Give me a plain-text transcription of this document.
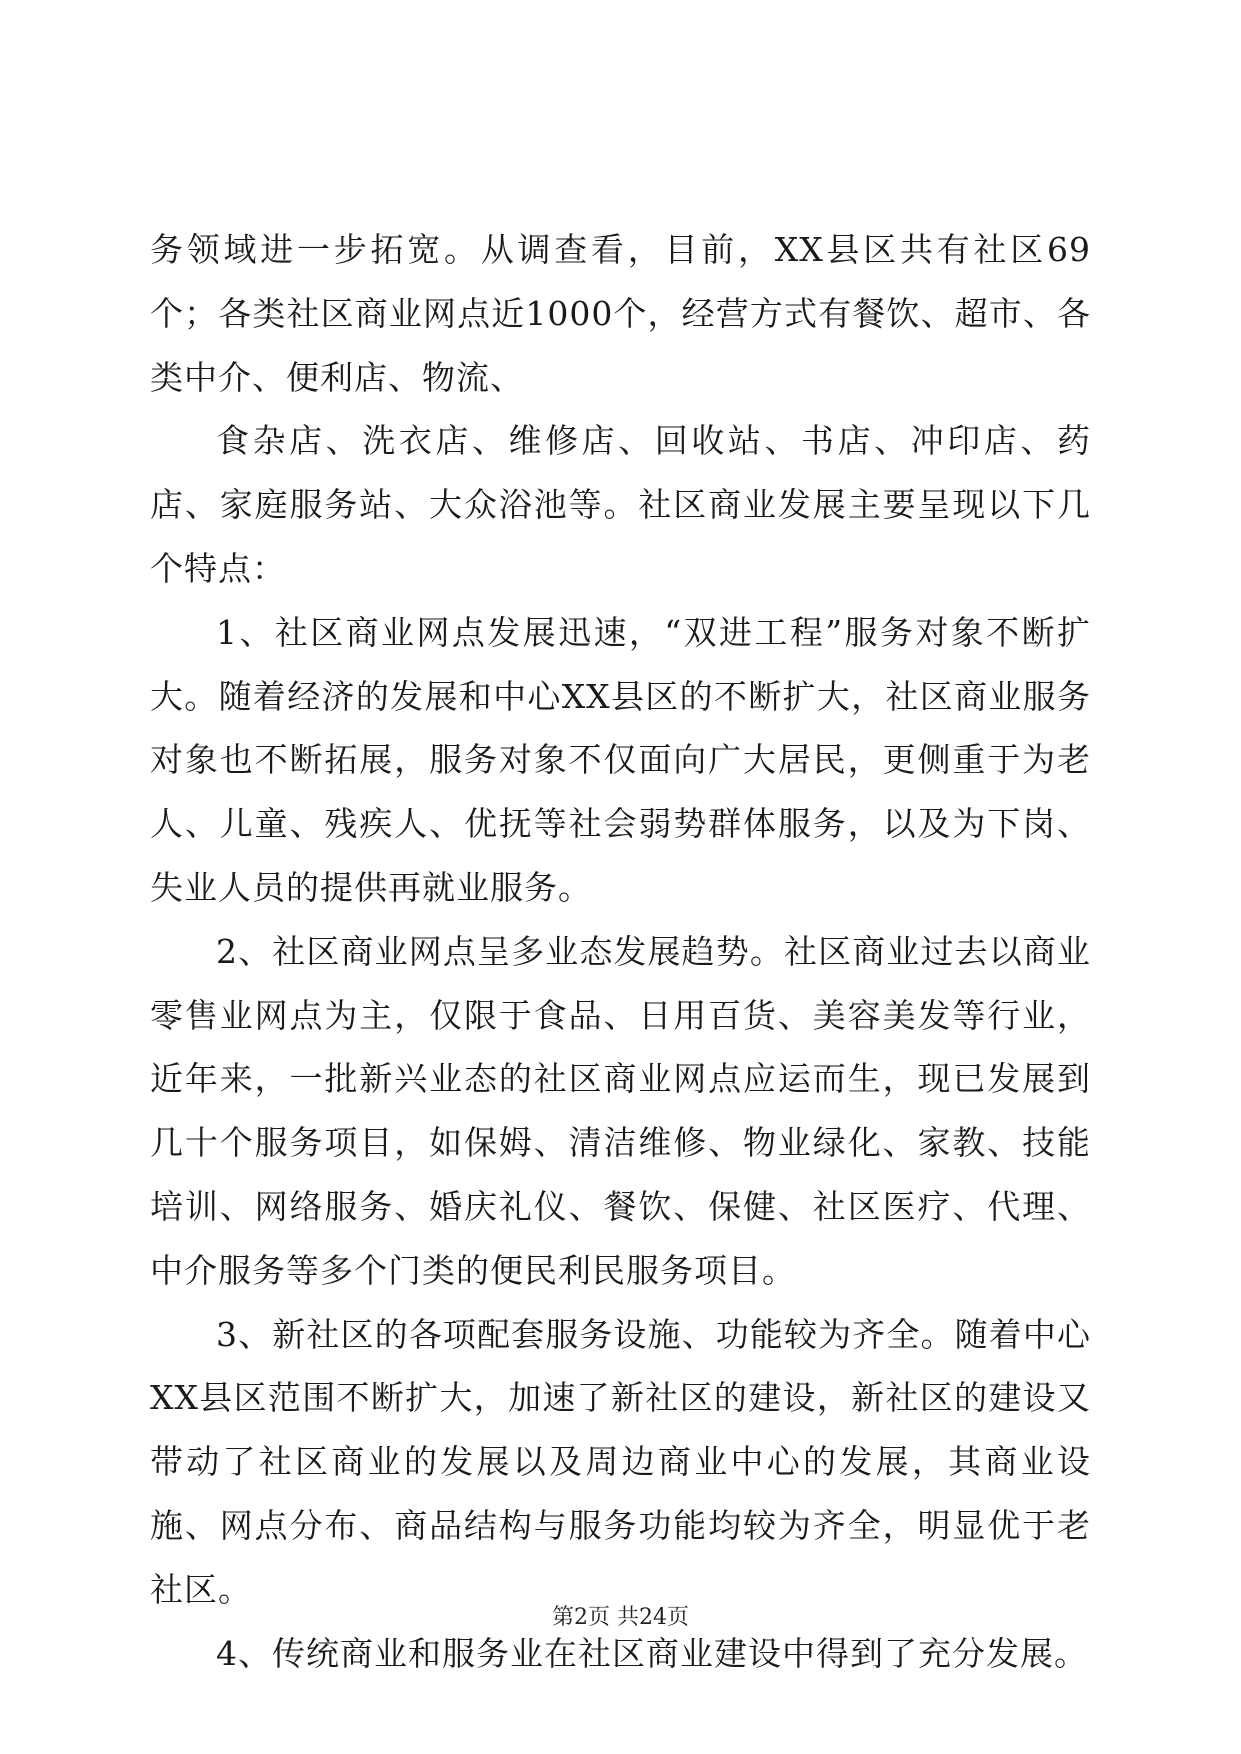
务领域进一步拓宽。从调查看，目前，XX县区共有社区69个；各类社区商业网点近1000个，经营方式有餐饮、超市、各类中介、便利店、物流、

食杂店、洗衣店、维修店、回收站、书店、冲印店、药店、家庭服务站、大众浴池等。社区商业发展主要呈现以下几个特点：

1、社区商业网点发展迅速，“双进工程”服务对象不断扩大。随着经济的发展和中心XX县区的不断扩大，社区商业服务对象也不断拓展，服务对象不仅面向广大居民，更侧重于为老人、儿童、残疾人、优抚等社会弱势群体服务，以及为下岗、失业人员的提供再就业服务。

2、社区商业网点呈多业态发展趋势。社区商业过去以商业零售业网点为主，仅限于食品、日用百货、美容美发等行业，近年来，一批新兴业态的社区商业网点应运而生，现已发展到几十个服务项目，如保姆、清洁维修、物业绿化、家教、技能培训、网络服务、婚庆礼仪、餐饮、保健、社区医疗、代理、中介服务等多个门类的便民利民服务项目。

3、新社区的各项配套服务设施、功能较为齐全。随着中心XX县区范围不断扩大，加速了新社区的建设，新社区的建设又带动了社区商业的发展以及周边商业中心的发展，其商业设施、网点分布、商品结构与服务功能均较为齐全，明显优于老社区。

4、传统商业和服务业在社区商业建设中得到了充分发展。

第2页 共24页
